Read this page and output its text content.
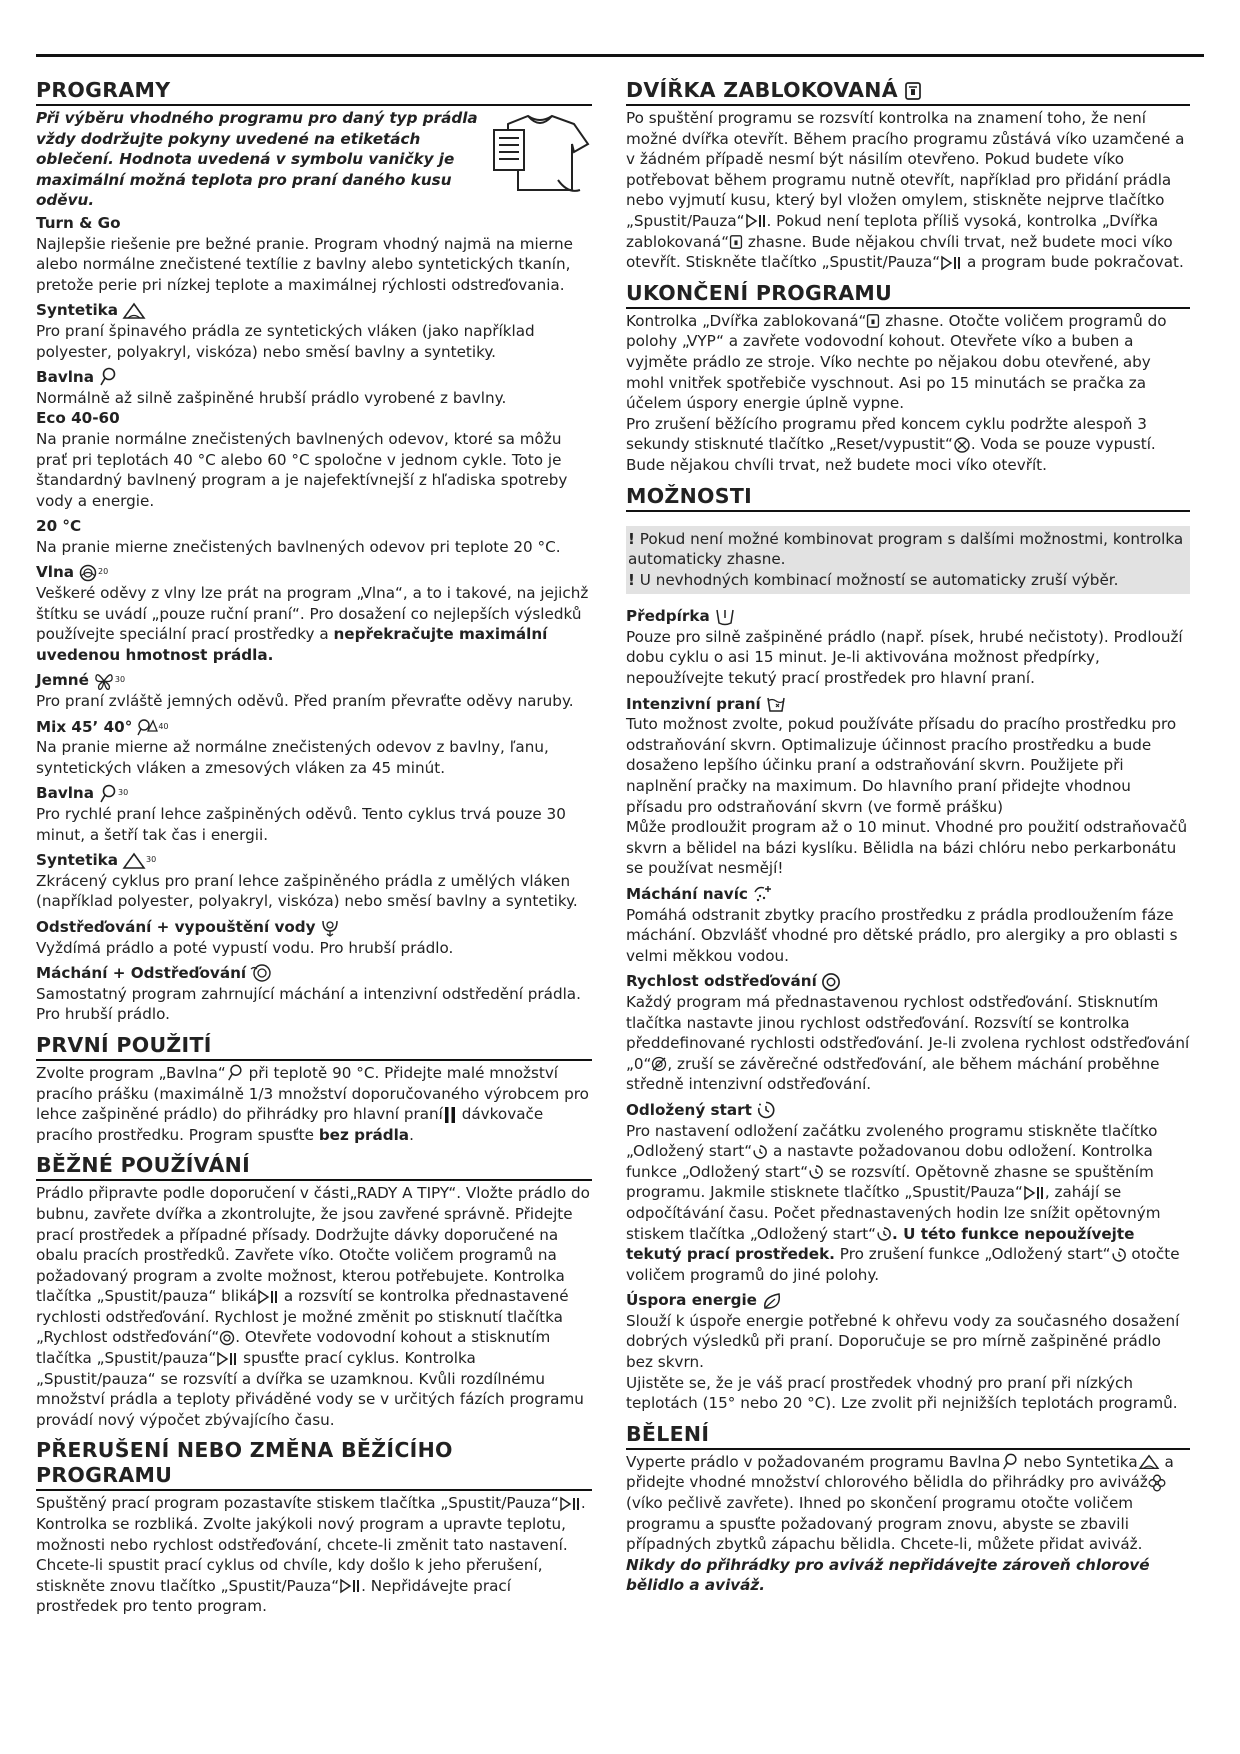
PROGRAMY

Při výběru vhodného programu pro daný typ prádla vždy dodržujte pokyny uvedené na etiketách oblečení. Hodnota uvedená v symbolu vaničky je maximální možná teplota pro praní daného kusu oděvu.

Turn & Go

Najlepšie riešenie pre bežné pranie. Program vhodný najmä na mierne alebo normálne znečistené textílie z bavlny alebo syntetických tkanín, pretože perie pri nízkej teplote a maximálnej rýchlosti odstreďovania.

Syntetika

Pro praní špinavého prádla ze syntetických vláken (jako například polyester, polyakryl, viskóza) nebo směsí bavlny a syntetiky.

Bavlna

Normálně až silně zašpiněné hrubší prádlo vyrobené z bavlny.

Eco 40-60

Na pranie normálne znečistených bavlnených odevov, ktoré sa môžu prať pri teplotách 40 °C alebo 60 °C spoločne v jednom cykle. Toto je štandardný bavlnený program a je najefektívnejší z hľadiska spotreby vody a energie.

20 °C

Na pranie mierne znečistených bavlnených odevov pri teplote 20 °C.

Vlna	20

Veškeré oděvy z vlny lze prát na program „Vlna“, a to i takové, na jejichž štítku se uvádí „pouze ruční praní“. Pro dosažení co nejlepších výsledků používejte speciální prací prostředky a nepřekračujte maximální uvedenou hmotnost prádla.

Jemné	30

Pro praní zvláště jemných oděvů. Před praním převraťte oděvy naruby.

Mix 45’ 40°	40

Na pranie mierne až normálne znečistených odevov z bavlny, ľanu, syntetických vláken a zmesových vláken za 45 minút.

Bavlna	30

Pro rychlé praní lehce zašpiněných oděvů. Tento cyklus trvá pouze 30 minut, a šetří tak čas i energii.

Syntetika	30

Zkrácený cyklus pro praní lehce zašpiněného prádla z umělých vláken (například polyester, polyakryl, viskóza) nebo směsí bavlny a syntetiky.

Odstřeďování + vypouštění vody

Vyždímá prádlo a poté vypustí vodu. Pro hrubší prádlo.

Máchání + Odstřeďování

Samostatný program zahrnující máchání a intenzivní odstředění prádla. Pro hrubší prádlo.

PRVNÍ POUŽITÍ

Zvolte program „Bavlna“ při teplotě 90 °C. Přidejte malé množství pracího prášku (maximálně 1/3 množství doporučovaného výrobcem pro lehce zašpiněné prádlo) do přihrádky pro hlavní praní dávkovače pracího prostředku. Program spusťte bez prádla.

BĚŽNÉ POUŽÍVÁNÍ

Prádlo připravte podle doporučení v části„RADY A TIPY“. Vložte prádlo do bubnu, zavřete dvířka a zkontrolujte, že jsou zavřené správně. Přidejte prací prostředek a případné přísady. Dodržujte dávky doporučené na obalu pracích prostředků. Zavřete víko. Otočte voličem programů na požadovaný program a zvolte možnost, kterou potřebujete. Kontrolka tlačítka „Spustit/pauza“ bliká a rozsvítí se kontrolka přednastavené rychlosti odstřeďování. Rychlost je možné změnit po stisknutí tlačítka „Rychlost odstřeďování“ . Otevřete vodovodní kohout a stisknutím tlačítka „Spustit/pauza“ spusťte prací cyklus. Kontrolka „Spustit/pauza“ se rozsvítí a dvířka se uzamknou. Kvůli rozdílnému množství prádla a teploty přiváděné vody se v určitých fázích programu provádí nový výpočet zbývajícího času.

PŘERUŠENÍ NEBO ZMĚNA BĚŽÍCÍHO PROGRAMU

Spuštěný prací program pozastavíte stiskem tlačítka „Spustit/Pauza“ . Kontrolka se rozbliká. Zvolte jakýkoli nový program a upravte teplotu, možnosti nebo rychlost odstřeďování, chcete-li změnit tato nastavení. Chcete-li spustit prací cyklus od chvíle, kdy došlo k jeho přerušení, stiskněte znovu tlačítko „Spustit/Pauza“ . Nepřidávejte prací prostředek pro tento program.

DVÍŘKA ZABLOKOVANÁ

Po spuštění programu se rozsvítí kontrolka na znamení toho, že není možné dvířka otevřít. Během pracího programu zůstává víko uzamčené a v žádném případě nesmí být násilím otevřeno. Pokud budete víko potřebovat během programu nutně otevřít, například pro přidání prádla nebo vyjmutí kusu, který byl vložen omylem, stiskněte nejprve tlačítko „Spustit/Pauza“ . Pokud není teplota příliš vysoká, kontrolka „Dvířka zablokovaná“ zhasne. Bude nějakou chvíli trvat, než budete moci víko otevřít. Stiskněte tlačítko „Spustit/Pauza“ a program bude pokračovat.

UKONČENÍ PROGRAMU

Kontrolka „Dvířka zablokovaná“ zhasne. Otočte voličem programů do polohy „VYP“ a zavřete vodovodní kohout. Otevřete víko a buben a vyjměte prádlo ze stroje. Víko nechte po nějakou dobu otevřené, aby mohl vnitřek spotřebiče vyschnout. Asi po 15 minutách se pračka za účelem úspory energie úplně vypne.

Pro zrušení běžícího programu před koncem cyklu podržte alespoň 3 sekundy stisknuté tlačítko „Reset/vypustit“ . Voda se pouze vypustí. Bude nějakou chvíli trvat, než budete moci víko otevřít.

MOŽNOSTI

! Pokud není možné kombinovat program s dalšími možnostmi, kontrolka automaticky zhasne.

! U nevhodných kombinací možností se automaticky zruší výběr.

Předpírka

Pouze pro silně zašpiněné prádlo (např. písek, hrubé nečistoty). Prodlouží dobu cyklu o asi 15 minut. Je-li aktivována možnost předpírky, nepoužívejte tekutý prací prostředek pro hlavní praní.

Intenzivní praní

Tuto možnost zvolte, pokud používáte přísadu do pracího prostředku pro odstraňování skvrn. Optimalizuje účinnost pracího prostředku a bude dosaženo lepšího účinku praní a odstraňování skvrn. Použijete při naplnění pračky na maximum. Do hlavního praní přidejte vhodnou přísadu pro odstraňování skvrn (ve formě prášku)

Může prodloužit program až o 10 minut. Vhodné pro použití odstraňovačů skvrn a bělidel na bázi kyslíku. Bělidla na bázi chlóru nebo perkarbonátu se používat nesmějí!

Máchání navíc

Pomáhá odstranit zbytky pracího prostředku z prádla prodloužením fáze máchání. Obzvlášť vhodné pro dětské prádlo, pro alergiky a pro oblasti s velmi měkkou vodou.

Rychlost odstřeďování

Každý program má přednastavenou rychlost odstřeďování. Stisknutím tlačítka nastavte jinou rychlost odstřeďování. Rozsvítí se kontrolka předdefinované rychlosti odstřeďování. Je-li zvolena rychlost odstřeďování „0“ , zruší se závěrečné odstřeďování, ale během máchání proběhne středně intenzivní odstřeďování.

Odložený start

Pro nastavení odložení začátku zvoleného programu stiskněte tlačítko „Odložený start“ a nastavte požadovanou dobu odložení. Kontrolka funkce „Odložený start“ se rozsvítí. Opětovně zhasne se spuštěním programu. Jakmile stisknete tlačítko „Spustit/Pauza“ , zahájí se odpočítávání času. Počet přednastavených hodin lze snížit opětovným stiskem tlačítka „Odložený start“ . U této funkce nepoužívejte tekutý prací prostředek. Pro zrušení funkce „Odložený start“ otočte voličem programů do jiné polohy.

Úspora energie

Slouží k úspoře energie potřebné k ohřevu vody za současného dosažení dobrých výsledků při praní. Doporučuje se pro mírně zašpiněné prádlo bez skvrn.

Ujistěte se, že je váš prací prostředek vhodný pro praní při nízkých teplotách (15° nebo 20 °C). Lze zvolit při nejnižších teplotách programů.

BĚLENÍ

Vyperte prádlo v požadovaném programu Bavlna nebo Syntetika a přidejte vhodné množství chlorového bělidla do přihrádky pro aviváž (víko pečlivě zavřete). Ihned po skončení programu otočte voličem programu a spusťte požadovaný program znovu, abyste se zbavili případných zbytků zápachu bělidla. Chcete-li, můžete přidat aviváž. Nikdy do přihrádky pro aviváž nepřidávejte zároveň chlorové bělidlo a aviváž.
